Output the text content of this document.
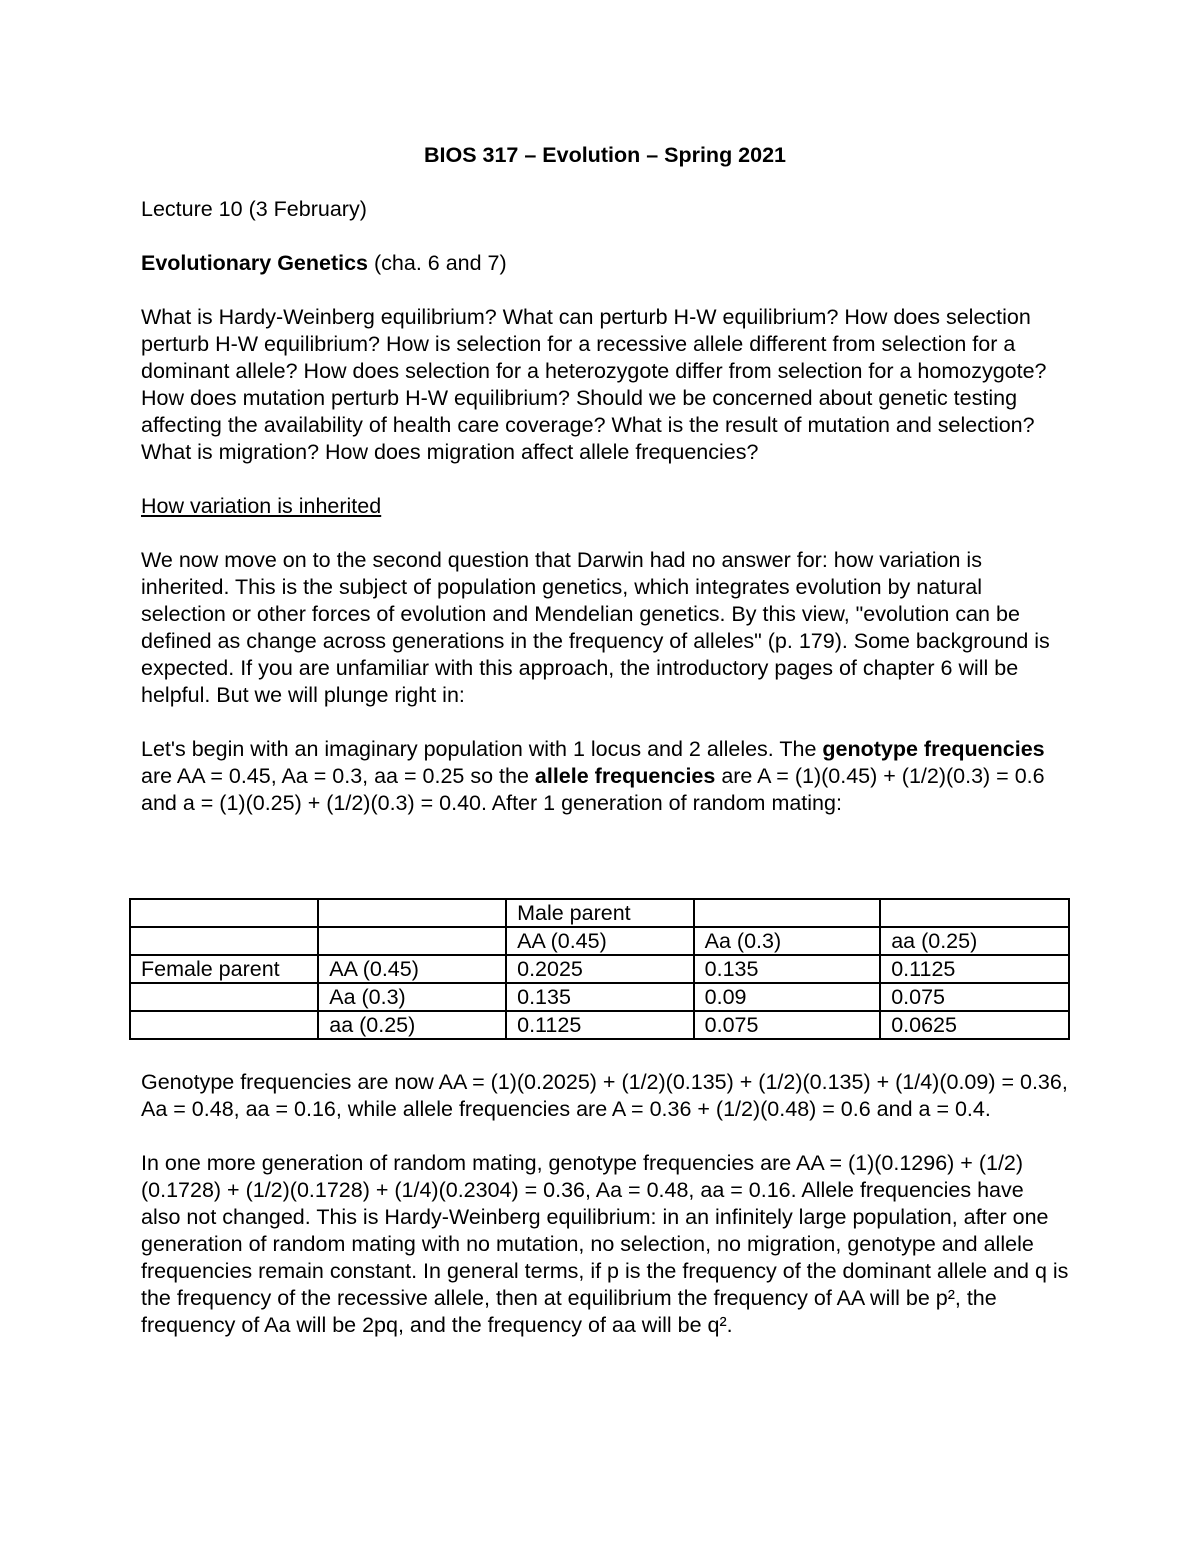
BIOS 317 – Evolution – Spring 2021

Lecture 10 (3 February)

Evolutionary Genetics (cha. 6 and 7)

What is Hardy-Weinberg equilibrium? What can perturb H-W equilibrium? How does selection perturb H-W equilibrium? How is selection for a recessive allele different from selection for a dominant allele? How does selection for a heterozygote differ from selection for a homozygote? How does mutation perturb H-W equilibrium? Should we be concerned about genetic testing affecting the availability of health care coverage? What is the result of mutation and selection? What is migration? How does migration affect allele frequencies?

How variation is inherited

We now move on to the second question that Darwin had no answer for: how variation is inherited. This is the subject of population genetics, which integrates evolution by natural selection or other forces of evolution and Mendelian genetics. By this view, "evolution can be defined as change across generations in the frequency of alleles" (p. 179). Some background is expected. If you are unfamiliar with this approach, the introductory pages of chapter 6 will be helpful. But we will plunge right in:

Let's begin with an imaginary population with 1 locus and 2 alleles. The genotype frequencies are AA = 0.45, Aa = 0.3, aa = 0.25 so the allele frequencies are A = (1)(0.45) + (1/2)(0.3) = 0.6 and a = (1)(0.25) + (1/2)(0.3) = 0.40. After 1 generation of random mating:

		Male parent		
		AA (0.45)	Aa (0.3)	aa (0.25)
Female parent	AA (0.45)	0.2025	0.135	0.1125
	Aa (0.3)	0.135	0.09	0.075
	aa (0.25)	0.1125	0.075	0.0625

Genotype frequencies are now AA = (1)(0.2025) + (1/2)(0.135) + (1/2)(0.135) + (1/4)(0.09) = 0.36, Aa = 0.48, aa = 0.16, while allele frequencies are A = 0.36 + (1/2)(0.48) = 0.6 and a = 0.4.

In one more generation of random mating, genotype frequencies are AA = (1)(0.1296) + (1/2)(0.1728) + (1/2)(0.1728) + (1/4)(0.2304) = 0.36, Aa = 0.48, aa = 0.16. Allele frequencies have also not changed. This is Hardy-Weinberg equilibrium: in an infinitely large population, after one generation of random mating with no mutation, no selection, no migration, genotype and allele frequencies remain constant. In general terms, if p is the frequency of the dominant allele and q is the frequency of the recessive allele, then at equilibrium the frequency of AA will be p², the frequency of Aa will be 2pq, and the frequency of aa will be q².
